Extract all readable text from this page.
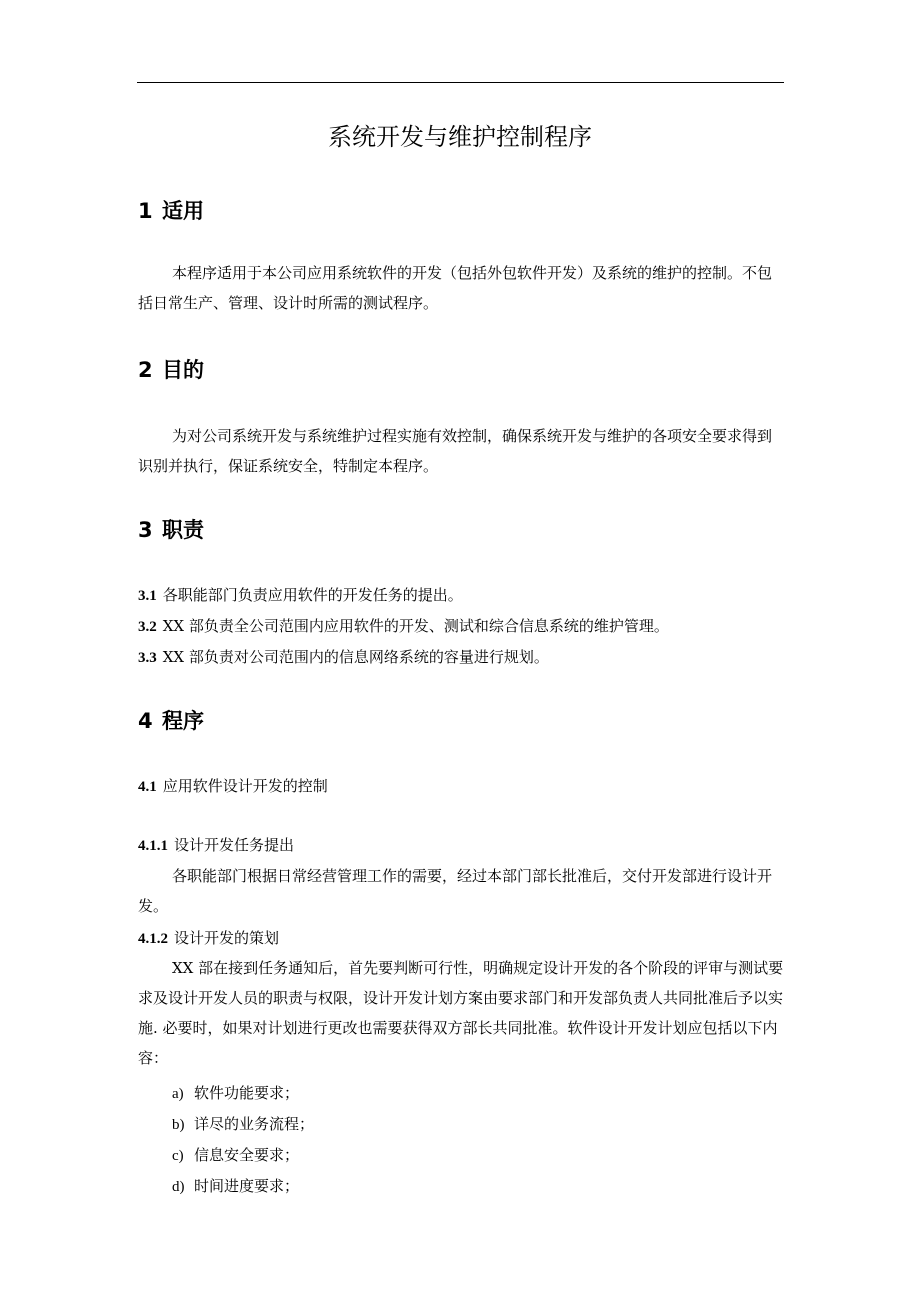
系统开发与维护控制程序
1 适用
本程序适用于本公司应用系统软件的开发（包括外包软件开发）及系统的维护的控制。不包括日常生产、管理、设计时所需的测试程序。
2 目的
为对公司系统开发与系统维护过程实施有效控制，确保系统开发与维护的各项安全要求得到识别并执行，保证系统安全，特制定本程序。
3 职责
3.1 各职能部门负责应用软件的开发任务的提出。
3.2 XX 部负责全公司范围内应用软件的开发、测试和综合信息系统的维护管理。
3.3 XX 部负责对公司范围内的信息网络系统的容量进行规划。
4 程序
4.1 应用软件设计开发的控制
4.1.1 设计开发任务提出
各职能部门根据日常经营管理工作的需要，经过本部门部长批准后，交付开发部进行设计开发。
4.1.2 设计开发的策划
XX 部在接到任务通知后，首先要判断可行性，明确规定设计开发的各个阶段的评审与测试要求及设计开发人员的职责与权限，设计开发计划方案由要求部门和开发部负责人共同批准后予以实施. 必要时，如果对计划进行更改也需要获得双方部长共同批准。软件设计开发计划应包括以下内容：
a) 软件功能要求；
b) 详尽的业务流程；
c) 信息安全要求；
d) 时间进度要求；
